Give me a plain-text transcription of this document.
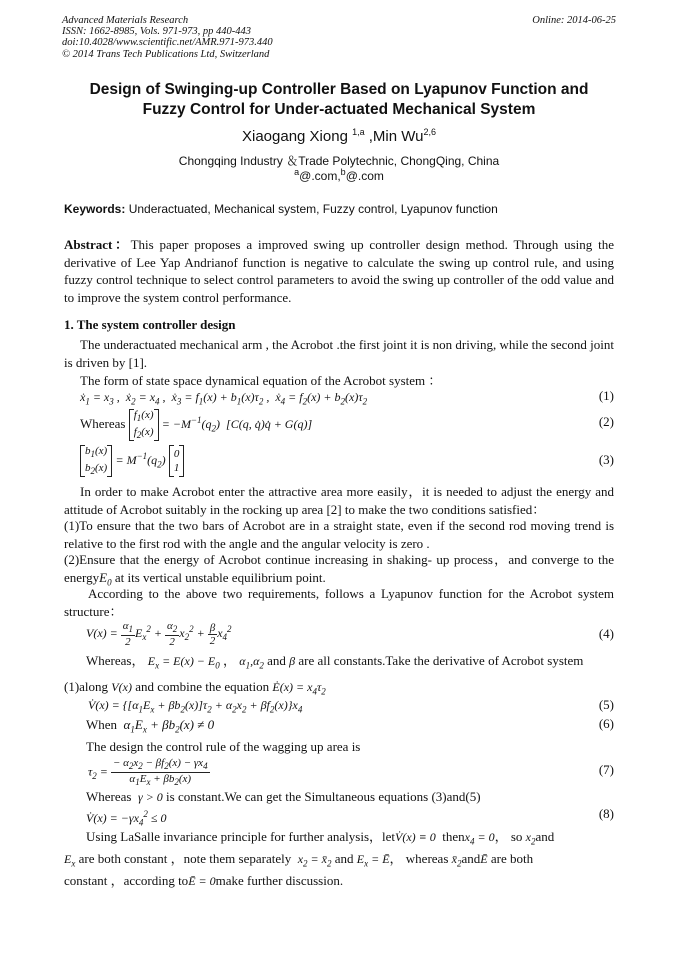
Advanced Materials Research
ISSN: 1662-8985, Vols. 971-973, pp 440-443
doi:10.4028/www.scientific.net/AMR.971-973.440
© 2014 Trans Tech Publications Ltd, Switzerland
Online: 2014-06-25
Design of Swinging-up Controller Based on Lyapunov Function and
Fuzzy Control for Under-actuated Mechanical System
Xiaogang Xiong $^{1,a}$ ,Min Wu$^{2,6}$
Chongqing Industry ＆Trade Polytechnic, ChongQing, China
$^a$@.com,$^b$@.com
Keywords: Underactuated, Mechanical system, Fuzzy control, Lyapunov function
Abstract：This paper proposes a improved swing up controller design method. Through using the derivative of Lee Yap Andrianof function is negative to calculate the swing up control rule, and using fuzzy control technique to select control parameters to avoid the swing up controller of the odd value and to improve the system control performance.
1. The system controller design
The underactuated mechanical arm , the Acrobot .the first joint it is non driving, while the second joint is driven by [1].
The form of state space dynamical equation of the Acrobot system ：
ẋ$_1$ = $x_3$ ,  ẋ$_2$ = $x_4$ ,  ẋ$_3$ = $f_1(x) + b_1(x)\tau_2$ ,  ẋ$_4$ = $f_2(x) + b_2(x)\tau_2$	(1)
Whereas $f_1(x)$
$f_2(x) = -M^{-1}(q_2)$  [C(q, q̇)q̇ + G(q)]	(2)
$b_1(x)$
$b_2(x) = M^{-1}(q_2)$ 0
1
(3)
In order to make Acrobot enter the attractive area more easily，it is needed to adjust the energy and attitude of Acrobot suitably in the rocking up area [2] to make the two conditions satisfied：
(1)To ensure that the two bars of Acrobot are in a straight state, even if the second rod moving trend is relative to the first rod with the angle and the angular velocity is zero .
(2)Ensure that the energy of Acrobot continue increasing in shaking- up process，and converge to the energyE$_0$ at its vertical unstable equilibrium point.
According to the above two requirements, follows a Lyapunov function for the Acrobot system structure：
$V(x) = \frac{\alpha_1}{2} E_x^2 + \frac{\alpha_2}{2} x_2^2 + \frac{\beta}{2} x_4^2$	(4)
Whereas， $E_x = E(x) - E_0$ ， $\alpha_1,\alpha_2$ and β are all constants.Take the derivative of Acrobot system
(1)along V(x) and combine the equation Ė(x) = $x_4\tau_2$
V̇(x) = $\{[\alpha_1E_x + \beta b_2(x)]\tau_2 + \alpha_2x_2 + \beta f_2(x)\}x_4$	(5)
When $\alpha_1E_x + \beta b_2(x) \ne 0$	(6)
The design the control rule of the wagging up area is
$\tau_2 = \frac{- \alpha_2x_2 - \beta f_2(x) - \gamma x_4}{\alpha_1E_x + \beta b_2(x)}$	(7)
Whereas γ > 0 is constant.We can get the Simultaneous equations (3)and(5)
V̇(x) = $-\gamma x_4^2 \le 0$	(8)
Using LaSalle invariance principle for further analysis，letV̇(x) ≡ 0 thenx$_4$ = 0， so $x_2and$
$E_x$ are both constant ，note them separately $x_2$ = $x̄_2$ and $E_x$ = Ē， whereas $x̄_2andĒ$ are both
constant ，according toĒ = 0make further discussion.
